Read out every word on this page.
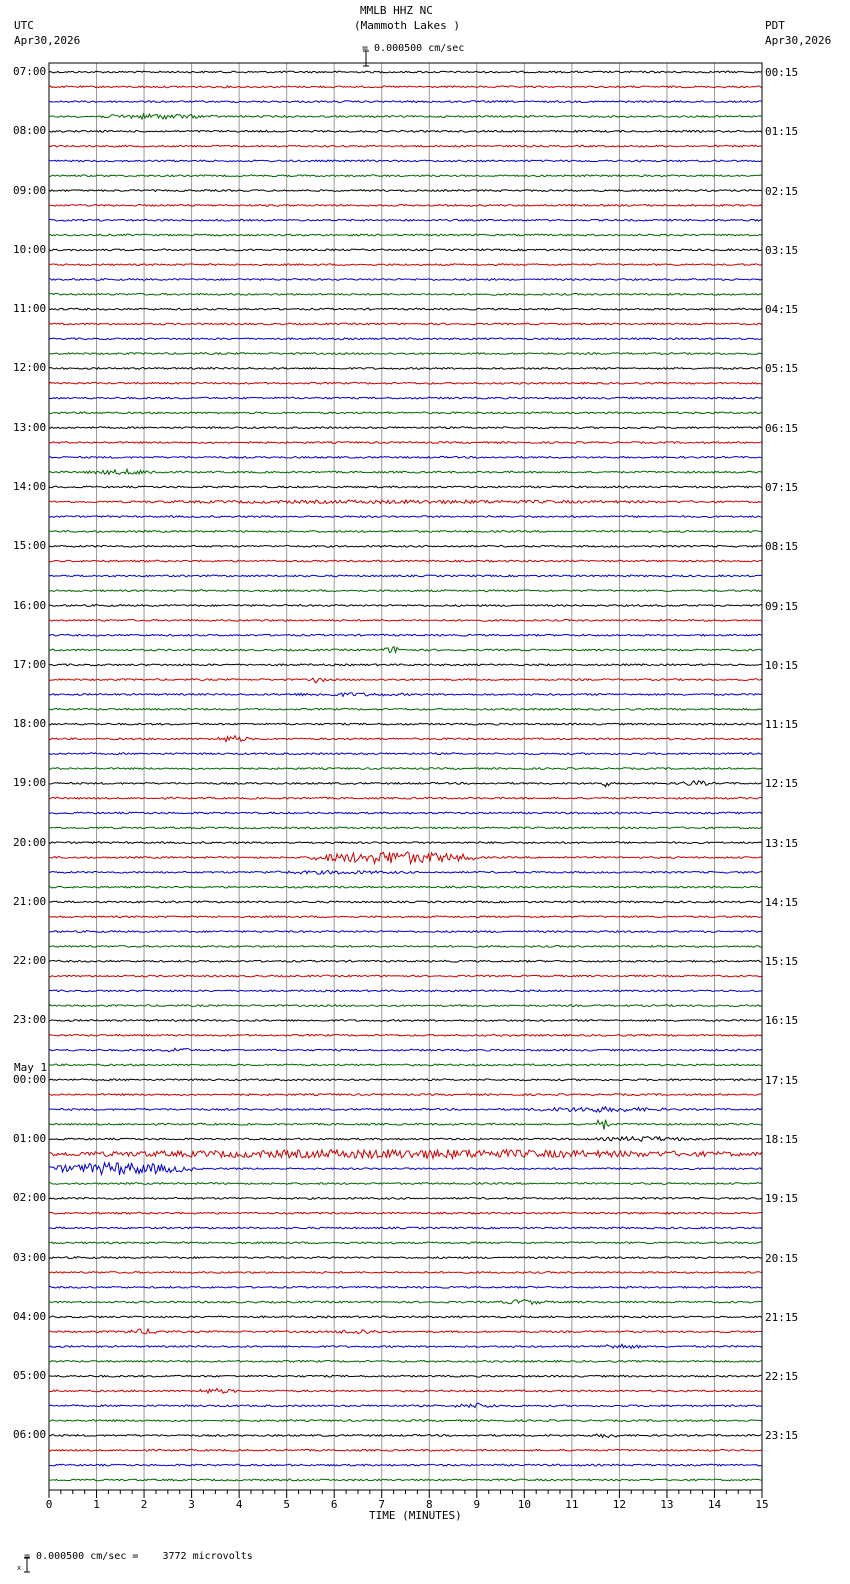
MMLB HHZ NC
(Mammoth Lakes )
UTC
Apr30,2026
PDT
Apr30,2026

= 0.000500 cm/sec
0	1	2	3	4	5	6	7	8	9	10	11	12	13	14	15
07:00
08:00
09:00
10:00
11:00
12:00
13:00
14:00
15:00
16:00
17:00
18:00
19:00
20:00
21:00
22:00
23:00
00:00
01:00
02:00
03:00
04:00
05:00
06:00
00:15
01:15
02:15
03:15
04:15
05:15
06:15
07:15
08:15
09:15
10:15
11:15
12:15
13:15
14:15
15:15
16:15
17:15
18:15
19:15
20:15
21:15
22:15
23:15
May 1
TIME (MINUTES)

x

= 0.000500 cm/sec =    3772 microvolts
